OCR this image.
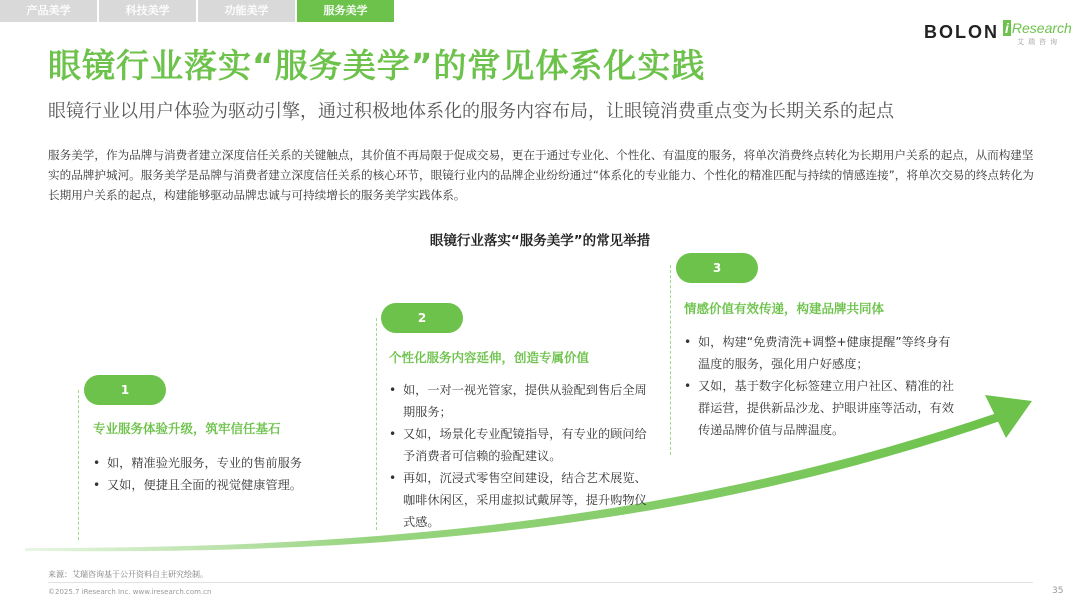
产品美学	科技美学	功能美学	服务美学
BOLON i Research
艾瑞咨询
眼镜行业落实“服务美学”的常见体系化实践
眼镜行业以用户体验为驱动引擎，通过积极地体系化的服务内容布局，让眼镜消费重点变为长期关系的起点
服务美学，作为品牌与消费者建立深度信任关系的关键触点，其价值不再局限于促成交易，更在于通过专业化、个性化、有温度的服务，将单次消费终点转化为长期用户关系的起点，从而构建坚实的品牌护城河。服务美学是品牌与消费者建立深度信任关系的核心环节，眼镜行业内的品牌企业纷纷通过“体系化的专业能力、个性化的精准匹配与持续的情感连接”，将单次交易的终点转化为长期用户关系的起点，构建能够驱动品牌忠诚与可持续增长的服务美学实践体系。
眼镜行业落实“服务美学”的常见举措
1
专业服务体验升级，筑牢信任基石
• 如，精准验光服务，专业的售前服务
• 又如，便捷且全面的视觉健康管理。
2
个性化服务内容延伸，创造专属价值
• 如，一对一视光管家，提供从验配到售后全周期服务；
• 又如，场景化专业配镜指导，有专业的顾问给予消费者可信赖的验配建议。
• 再如，沉浸式零售空间建设，结合艺术展览、咖啡休闲区，采用虚拟试戴屏等，提升购物仪式感。
3
情感价值有效传递，构建品牌共同体
• 如，构建“免费清洗+调整+健康提醒”等终身有温度的服务，强化用户好感度；
• 又如，基于数字化标签建立用户社区、精准的社群运营，提供新品沙龙、护眼讲座等活动，有效传递品牌价值与品牌温度。
来源：艾瑞咨询基于公开资料自主研究绘制。
©2025.7 iResearch Inc. www.iresearch.com.cn	35
